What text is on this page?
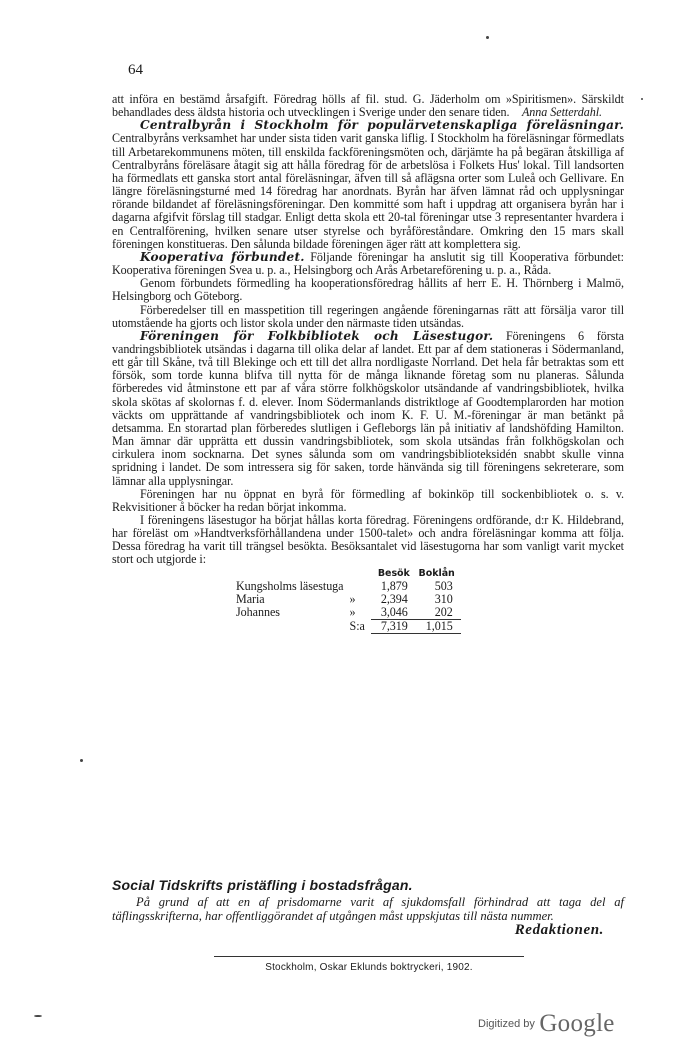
64

att införa en bestämd årsafgift. Föredrag hölls af fil. stud. G. Jäderholm om »Spiritismen». Särskildt behandlades dess äldsta historia och utvecklingen i Sverige under den senare tiden. Anna Setterdahl.

Centralbyrån i Stockholm för populärvetenskapliga föreläsningar. Centralbyråns verksamhet har under sista tiden varit ganska liflig. I Stockholm ha föreläsningar förmedlats till Arbetarekommunens möten, till enskilda fackföreningsmöten och, därjämte ha på begäran åtskilliga af Centralbyråns föreläsare åtagit sig att hålla föredrag för de arbetslösa i Folkets Hus' lokal. Till landsorten ha förmedlats ett ganska stort antal föreläsningar, äfven till så aflägsna orter som Luleå och Gellivare. En längre föreläsningsturné med 14 föredrag har anordnats. Byrån har äfven lämnat råd och upplysningar rörande bildandet af föreläsningsföreningar. Den kommitté som haft i uppdrag att organisera byrån har i dagarna afgifvit förslag till stadgar. Enligt detta skola ett 20-tal föreningar utse 3 representanter hvardera i en Centralförening, hvilken senare utser styrelse och byråföreståndare. Omkring den 15 mars skall föreningen konstitueras. Den sålunda bildade föreningen äger rätt att komplettera sig.

Kooperativa förbundet. Följande föreningar ha anslutit sig till Kooperativa förbundet: Kooperativa föreningen Svea u. p. a., Helsingborg och Arås Arbetareförening u. p. a., Råda.

Genom förbundets förmedling ha kooperationsföredrag hållits af herr E. H. Thörnberg i Malmö, Helsingborg och Göteborg.

Förberedelser till en masspetition till regeringen angående föreningarnas rätt att försälja varor till utomstående ha gjorts och listor skola under den närmaste tiden utsändas.

Föreningen för Folkbibliotek och Läsestugor. Föreningens 6 första vandringsbibliotek utsändas i dagarna till olika delar af landet. Ett par af dem stationeras i Södermanland, ett går till Skåne, två till Blekinge och ett till det allra nordligaste Norrland. Det hela får betraktas som ett försök, som torde kunna blifva till nytta för de många liknande företag som nu planeras. Sålunda förberedes vid åtminstone ett par af våra större folkhögskolor utsändande af vandringsbibliotek, hvilka skola skötas af skolornas f. d. elever. Inom Södermanlands distriktloge af Goodtemplarorden har motion väckts om upprättande af vandringsbibliotek och inom K. F. U. M.-föreningar är man betänkt på detsamma. En storartad plan förberedes slutligen i Gefleborgs län på initiativ af landshöfding Hamilton. Man ämnar där upprätta ett dussin vandringsbibliotek, som skola utsändas från folkhögskolan och cirkulera inom socknarna. Det synes sålunda som om vandringsbiblioteksidén snabbt skulle vinna spridning i landet. De som intressera sig för saken, torde hänvända sig till föreningens sekreterare, som lämnar alla upplysningar.

Föreningen har nu öppnat en byrå för förmedling af bokinköp till sockenbibliotek o. s. v. Rekvisitioner å böcker ha redan börjat inkomma.

I föreningens läsestugor ha börjat hållas korta föredrag. Föreningens ordförande, d:r K. Hildebrand, har föreläst om »Handtverksförhållandena under 1500-talet» och andra föreläsningar komma att följa. Dessa föredrag ha varit till trängsel besökta. Besöksantalet vid läsestugorna har som vanligt varit mycket stort och utgjorde i:

		Besök	Boklån
Kungsholms läsestuga		1,879	503
Maria	»	2,394	310
Johannes	»	3,046	202
	S:a	7,319	1,015

Social Tidskrifts pristäfling i bostadsfrågan.

På grund af att en af prisdomarne varit af sjukdomsfall förhindrad att taga del af täflingsskrifterna, har offentliggörandet af utgången måst uppskjutas till nästa nummer.
Redaktionen.

Stockholm, Oskar Eklunds boktryckeri, 1902.
$^{Digitized by}$ Google
